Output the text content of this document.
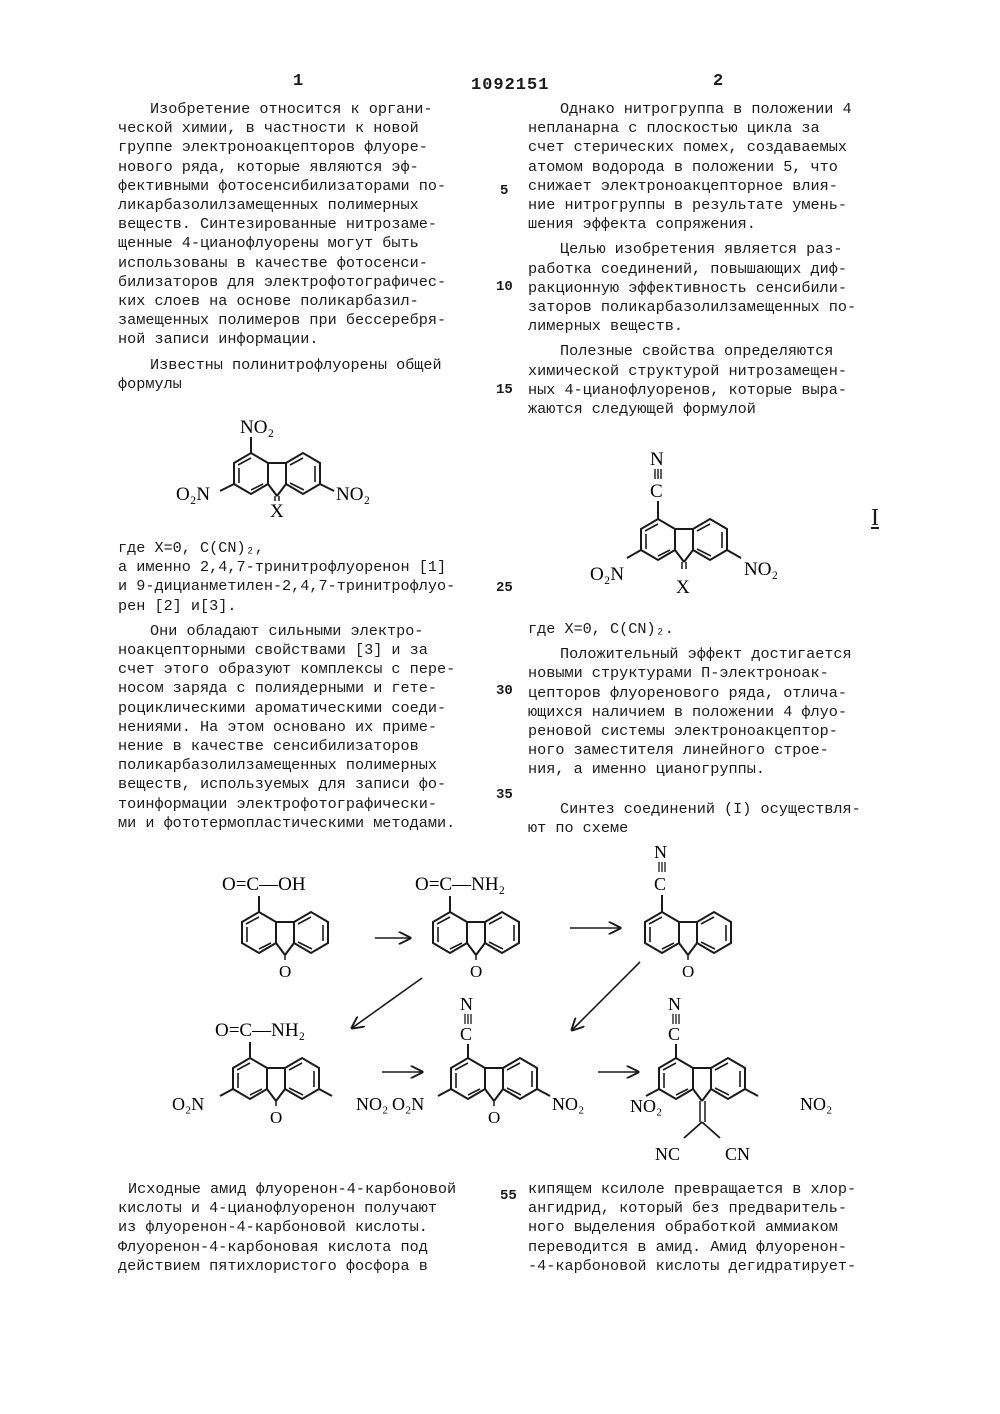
1	1092151	2
5
10
15
25
30
35
55

Изобретение относится к органи-
ческой химии, в частности к новой
группе электроноакцепторов флуоре-
нового ряда, которые являются эф-
фективными фотосенсибилизаторами по-
ликарбазолилзамещенных полимерных
веществ. Синтезированные нитрозаме-
щенные 4-цианофлуорены могут быть
использованы в качестве фотосенси-
билизаторов для электрофотографичес-
ких слоев на основе поликарбазил-
замещенных полимеров при бессеребря-
ной записи информации.

Известны полинитрофлуорены общей
формулы

где X=0, C(CN)₂,
а именно 2,4,7-тринитрофлуоренон [1]
и 9-дицианметилен-2,4,7-тринитрофлуо-
рен [2] и[3].

Они обладают сильными электро-
ноакцепторными свойствами [3] и за
счет этого образуют комплексы с пере-
носом заряда с полиядерными и гете-
роциклическими ароматическими соеди-
нениями. На этом основано их приме-
нение в качестве сенсибилизаторов
поликарбазолилзамещенных полимерных
веществ, используемых для записи фо-
тоинформации электрофотографически-
ми и фототермопластическими методами.

Однако нитрогруппа в положении 4
непланарна с плоскостью цикла за
счет стерических помех, создаваемых
атомом водорода в положении 5, что
снижает электроноакцепторное влия-
ние нитрогруппы в результате умень-
шения эффекта сопряжения.

Целью изобретения является раз-
работка соединений, повышающих диф-
ракционную эффективность сенсибили-
заторов поликарбазолилзамещенных по-
лимерных веществ.

Полезные свойства определяются
химической структурой нитрозамещен-
ных 4-цианофлуоренов, которые выра-
жаются следующей формулой

где X=0, C(CN)₂.

Положительный эффект достигается
новыми структурами П-электроноак-
цепторов флуоренового ряда, отлича-
ющихся наличием в положении 4 флуо-
реновой системы электроноакцептор-
ного заместителя линейного строе-
ния, а именно цианогруппы.

Синтез соединений (I) осуществля-
ют по схеме

NO₂
O₂N	NO₂
X
N
C
O₂N	NO₂
X
I
O=C—OH
O
O=C—NH₂
O
N
C
O
O=C—NH₂
O₂N	NO₂
O
N
C
O₂N	NO₂
O
N
C
NO₂	NO₂
NC CN

Исходные амид флуоренон-4-карбоновой
кислоты и 4-цианофлуоренон получают
из флуоренон-4-карбоновой кислоты.
Флуоренон-4-карбоновая кислота под
действием пятихлористого фосфора в

кипящем ксилоле превращается в хлор-
ангидрид, который без предваритель-
ного выделения обработкой аммиаком
переводится в амид. Амид флуоренон-
-4-карбоновой кислоты дегидратирует-
